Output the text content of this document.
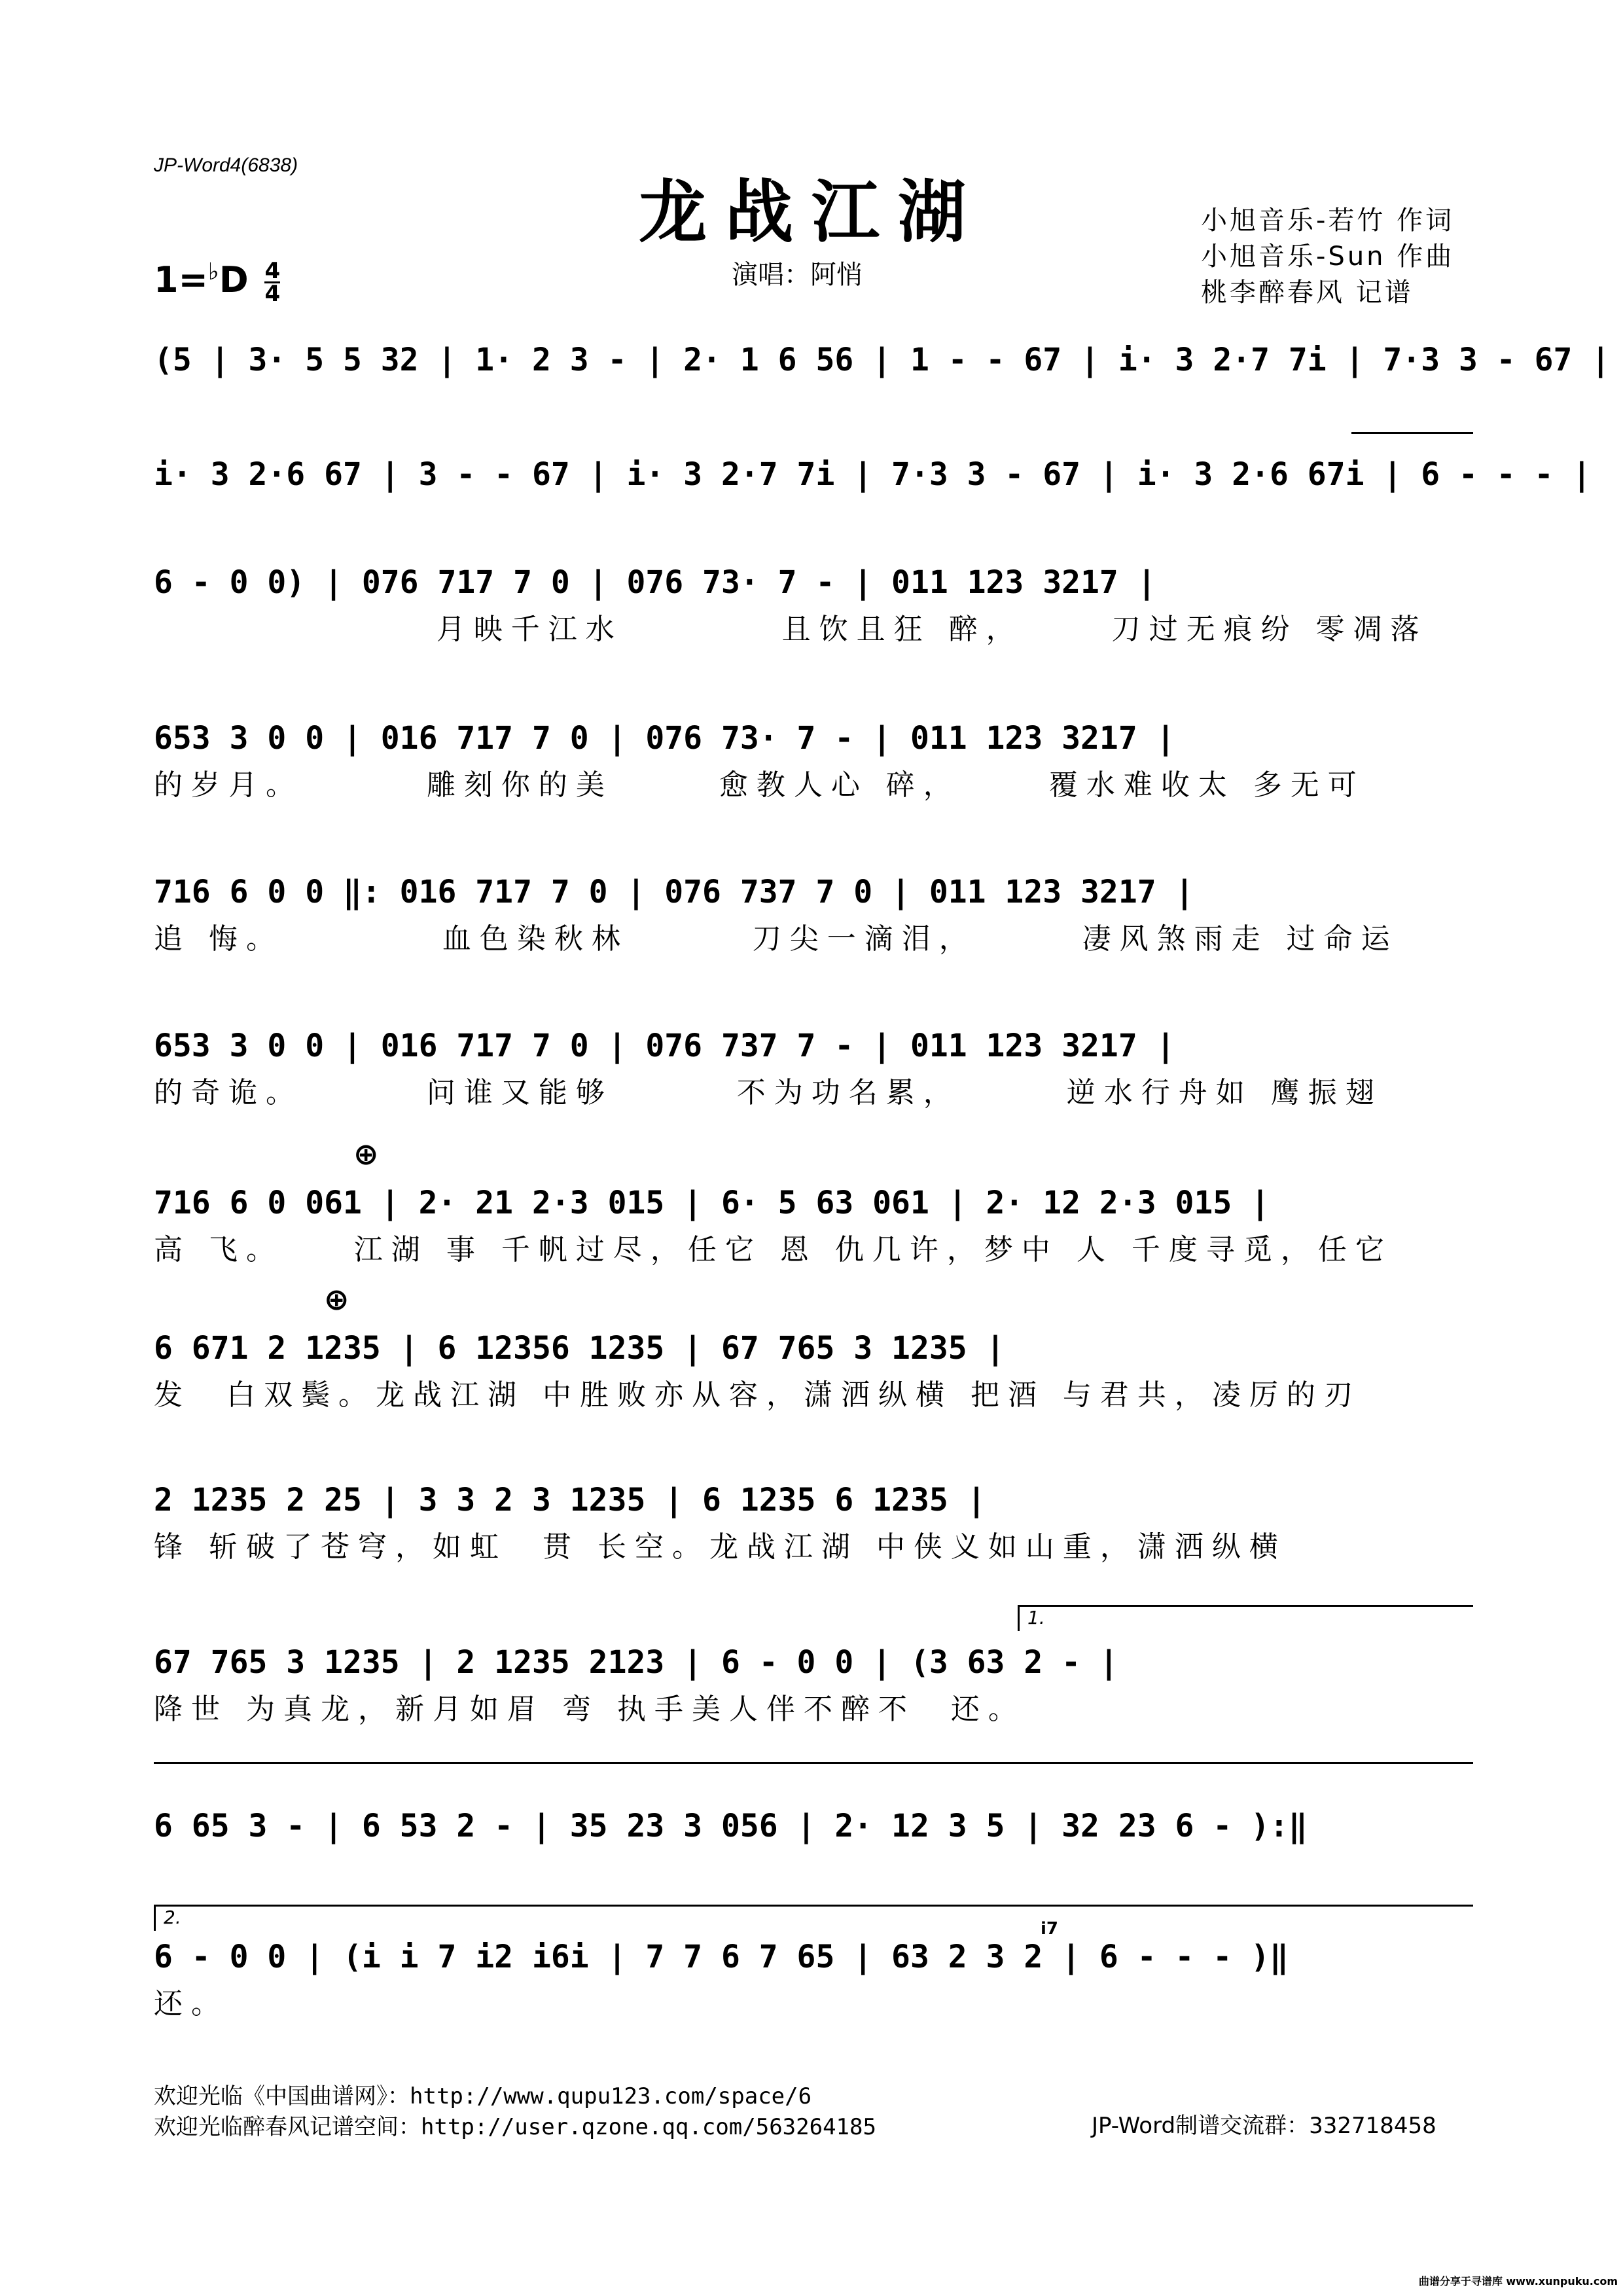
JP-Word4(6838)
龙战江湖
演唱：阿悄
小旭音乐-若竹 作词
小旭音乐-Sun 作曲
桃李醉春风 记谱
$1=^♭D \frac{4}{4}$
(5 | 3· 5 5 32 | 1· 2 3 - | 2· 1 6 56 | 1 - - 67 | i· 3 2·7 7i | 7·3 3 - 67 |
i· 3 2·6 67 | 3 - - 67 | i· 3 2·7 7i | 7·3 3 - 67 | i· 3 2·6 67i | 6 - - - |
6 - 0 0) | 076 717 7 0 | 076 73· 7 - | 011 123 3217 |
月映千江水         且饮且狂 醉，     刀过无痕纷 零凋落
653 3 0 0 | 016 717 7 0 | 076 73· 7 - | 011 123 3217 |
的岁月。       雕刻你的美      愈教人心 碎，     覆水难收太 多无可
716 6 0 0 ‖: 016 717 7 0 | 076 737 7 0 | 011 123 3217 |
追 悔。         血色染秋林       刀尖一滴泪，      凄风煞雨走 过命运
653 3 0 0 | 016 717 7 0 | 076 737 7 - | 011 123 3217 |
的奇诡。       问谁又能够       不为功名累，      逆水行舟如 鹰振翅
⊕
716 6 0 061 | 2· 21 2·3 015 | 6· 5 63 061 | 2· 12 2·3 015 |
高 飞。    江湖 事 千帆过尽，任它 恩 仇几许，梦中 人 千度寻觅，任它
⊕
6 671 2 1235 | 6 12356 1235 | 67 765 3 1235 |
发  白双鬓。龙战江湖 中胜败亦从容，潇洒纵横 把酒 与君共，凌厉的刃
2 1235 2 25 | 3 3 2 3 1235 | 6 1235 6 1235 |
锋 斩破了苍穹，如虹  贯 长空。龙战江湖 中侠义如山重，潇洒纵横
1.
67 765 3 1235 | 2 1235 2123 | 6 - 0 0 | (3 63 2 - |
降世 为真龙，新月如眉 弯 执手美人伴不醉不  还。
6 65 3 - | 6 53 2 - | 35 23 3 056 | 2· 12 3 5 | 32 23 6 - ):‖
2.
6 - 0 0 | (i i 7 i2 i6i | 7 7 6 7 65 | 63 2 3 2 | 6 - - - )‖
还。
i7
欢迎光临《中国曲谱网》：http://www.qupu123.com/space/6
欢迎光临醉春风记谱空间：http://user.qzone.qq.com/563264185	JP-Word制谱交流群：332718458
曲谱分享于寻谱库 www.xunpuku.com
